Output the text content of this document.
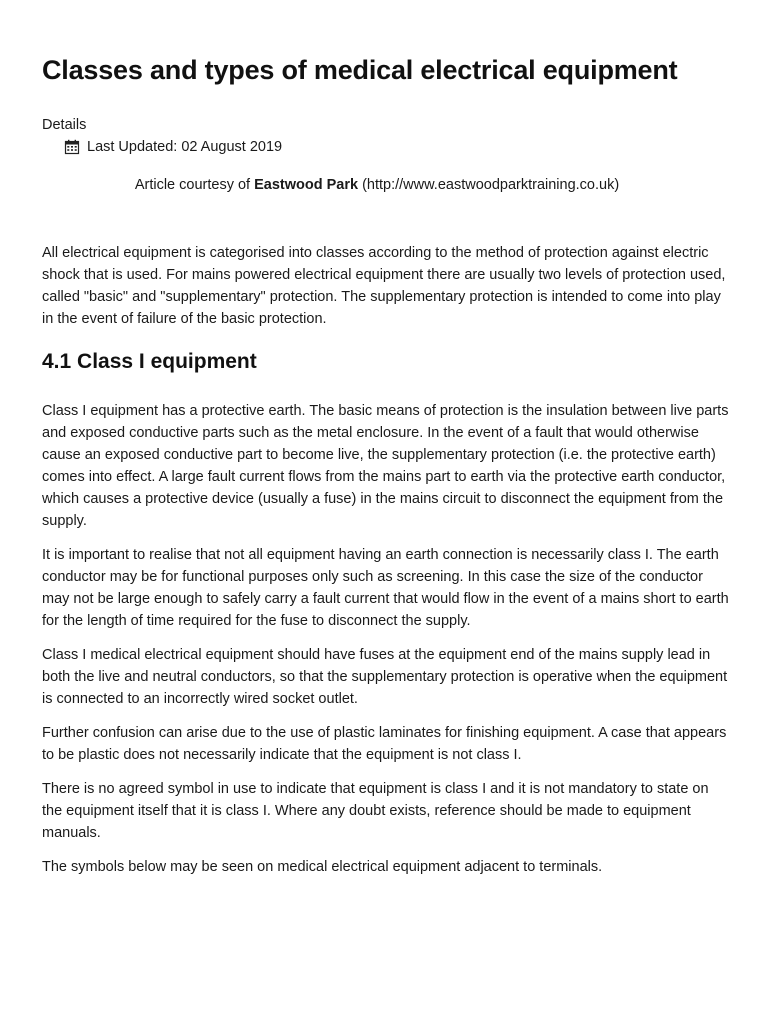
Classes and types of medical electrical equipment
Details
Last Updated:
02 August 2019
Article courtesy of Eastwood Park (http://www.eastwoodparktraining.co.uk)

All electrical equipment is categorised into classes according to the method of protection against electric shock that is used. For mains powered electrical equipment there are usually two levels of protection used, called "basic" and "supplementary" protection. The supplementary protection is intended to come into play in the event of failure of the basic protection.

4.1 Class I equipment

Class I equipment has a protective earth. The basic means of protection is the insulation between live parts and exposed conductive parts such as the metal enclosure. In the event of a fault that would otherwise cause an exposed conductive part to become live, the supplementary protection (i.e. the protective earth) comes into effect. A large fault current flows from the mains part to earth via the protective earth conductor, which causes a protective device (usually a fuse) in the mains circuit to disconnect the equipment from the supply.

It is important to realise that not all equipment having an earth connection is necessarily class I. The earth conductor may be for functional purposes only such as screening. In this case the size of the conductor may not be large enough to safely carry a fault current that would flow in the event of a mains short to earth for the length of time required for the fuse to disconnect the supply.

Class I medical electrical equipment should have fuses at the equipment end of the mains supply lead in both the live and neutral conductors, so that the supplementary protection is operative when the equipment is connected to an incorrectly wired socket outlet.

Further confusion can arise due to the use of plastic laminates for finishing equipment. A case that appears to be plastic does not necessarily indicate that the equipment is not class I.

There is no agreed symbol in use to indicate that equipment is class I and it is not mandatory to state on the equipment itself that it is class I. Where any doubt exists, reference should be made to equipment manuals.

The symbols below may be seen on medical electrical equipment adjacent to terminals.
